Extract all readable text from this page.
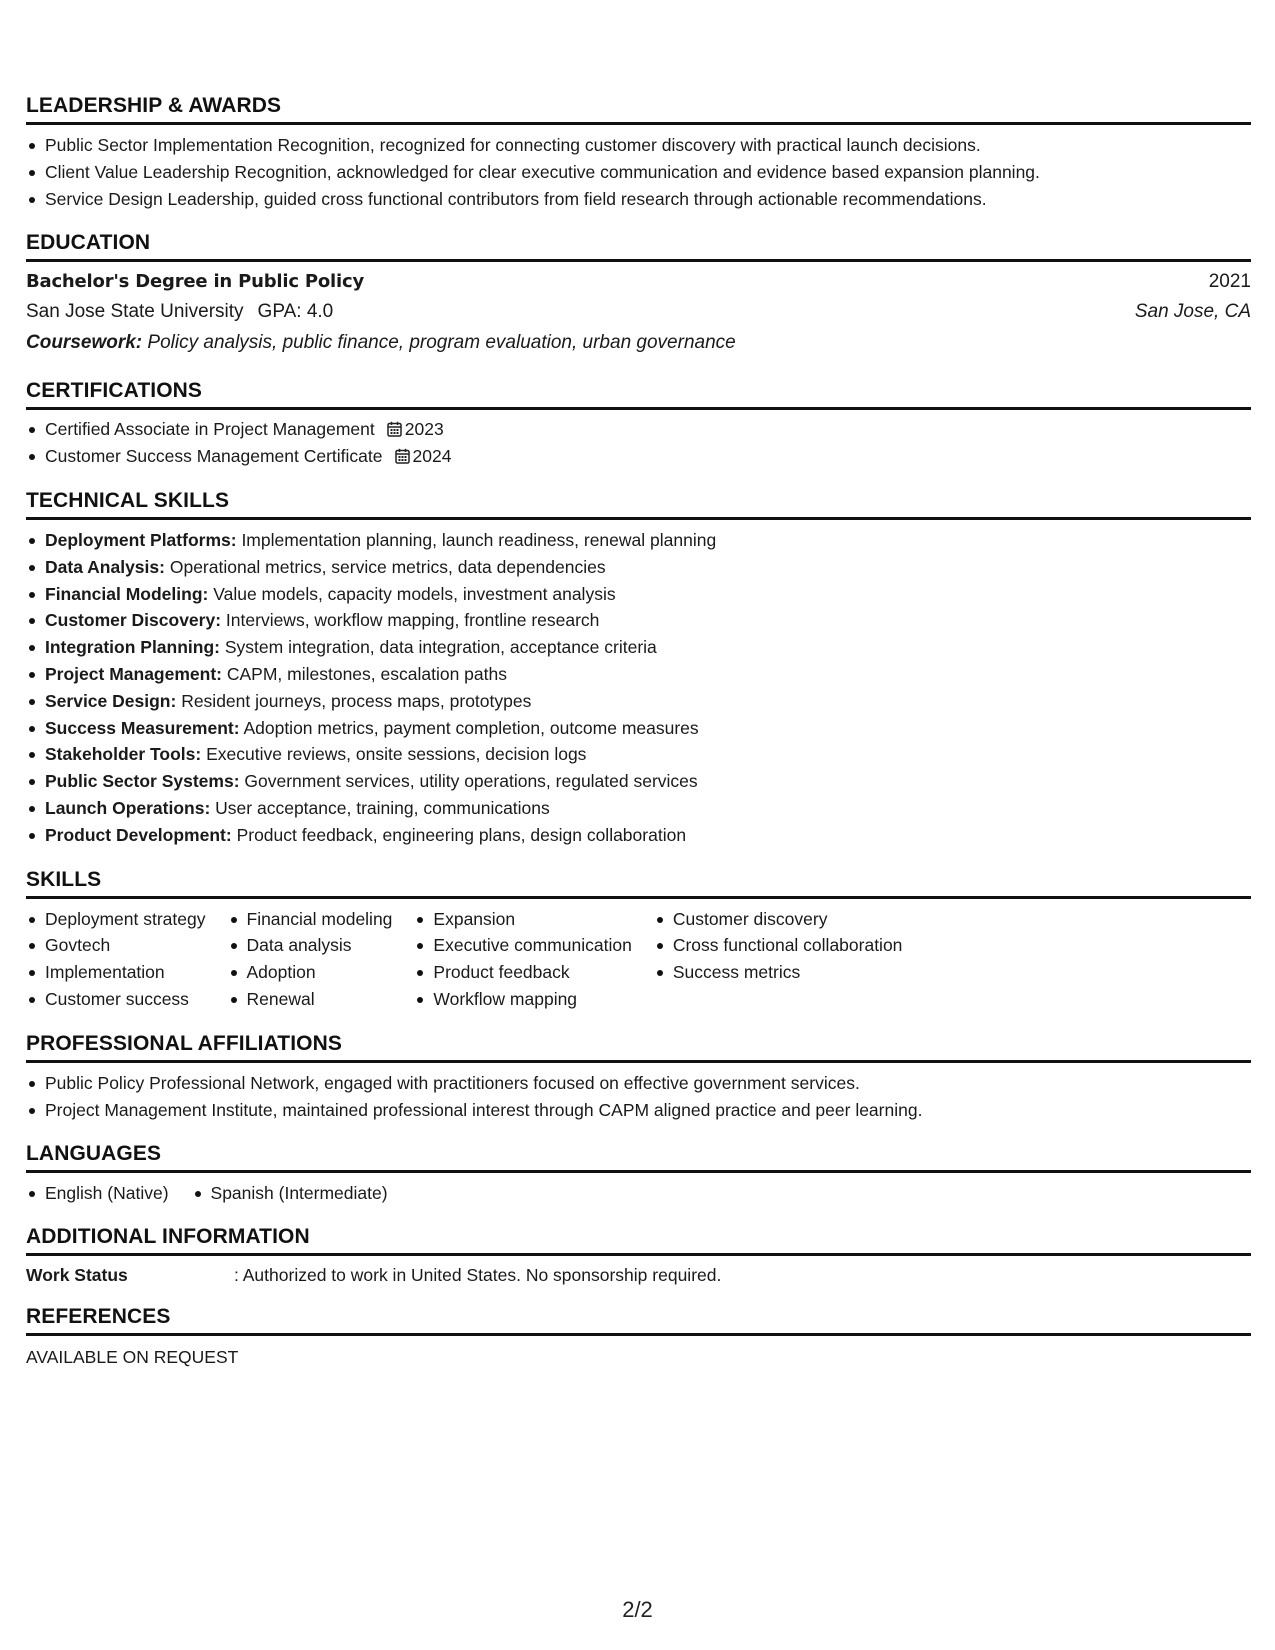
LEADERSHIP & AWARDS
Public Sector Implementation Recognition, recognized for connecting customer discovery with practical launch decisions.
Client Value Leadership Recognition, acknowledged for clear executive communication and evidence based expansion planning.
Service Design Leadership, guided cross functional contributors from field research through actionable recommendations.
EDUCATION
Bachelor's Degree in Public Policy	2021
San Jose State University GPA: 4.0	San Jose, CA
Coursework: Policy analysis, public finance, program evaluation, urban governance
CERTIFICATIONS
Certified Associate in Project Management 2023
Customer Success Management Certificate 2024
TECHNICAL SKILLS
Deployment Platforms: Implementation planning, launch readiness, renewal planning
Data Analysis: Operational metrics, service metrics, data dependencies
Financial Modeling: Value models, capacity models, investment analysis
Customer Discovery: Interviews, workflow mapping, frontline research
Integration Planning: System integration, data integration, acceptance criteria
Project Management: CAPM, milestones, escalation paths
Service Design: Resident journeys, process maps, prototypes
Success Measurement: Adoption metrics, payment completion, outcome measures
Stakeholder Tools: Executive reviews, onsite sessions, decision logs
Public Sector Systems: Government services, utility operations, regulated services
Launch Operations: User acceptance, training, communications
Product Development: Product feedback, engineering plans, design collaboration
SKILLS
Deployment strategy
Govtech
Implementation
Customer success
Financial modeling
Data analysis
Adoption
Renewal
Expansion
Executive communication
Product feedback
Workflow mapping
Customer discovery
Cross functional collaboration
Success metrics
PROFESSIONAL AFFILIATIONS
Public Policy Professional Network, engaged with practitioners focused on effective government services.
Project Management Institute, maintained professional interest through CAPM aligned practice and peer learning.
LANGUAGES
English (Native)	Spanish (Intermediate)
ADDITIONAL INFORMATION
Work Status	: Authorized to work in United States. No sponsorship required.
REFERENCES
AVAILABLE ON REQUEST
2/2
